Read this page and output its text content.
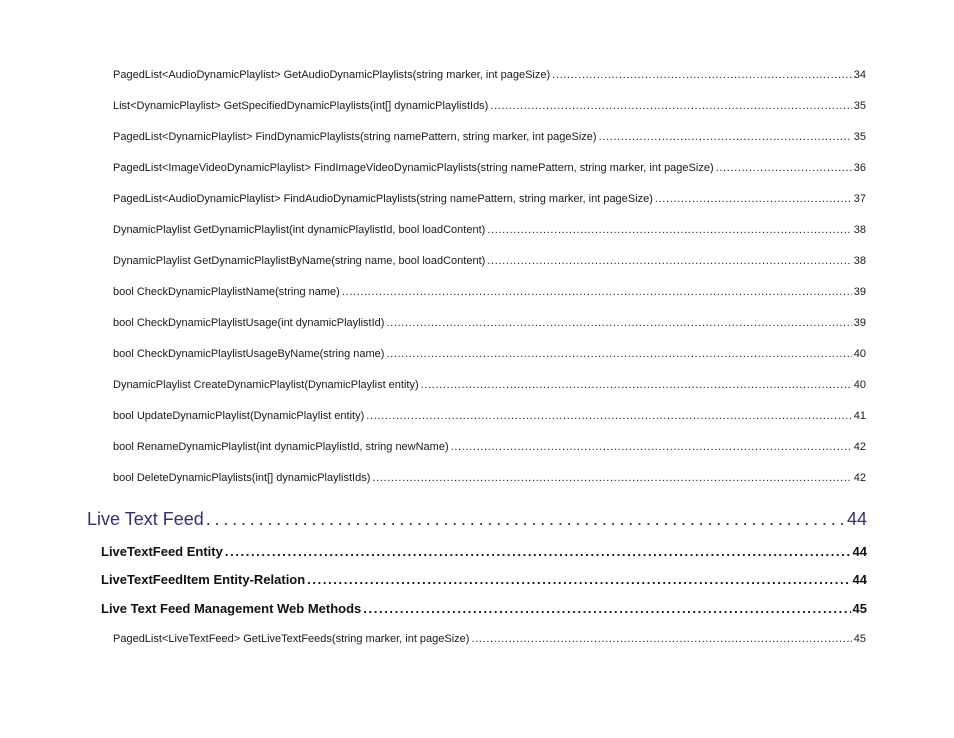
PagedList<AudioDynamicPlaylist> GetAudioDynamicPlaylists(string marker, int pageSize) . . .	34
List<DynamicPlaylist> GetSpecifiedDynamicPlaylists(int[] dynamicPlaylistIds) . . .	35
PagedList<DynamicPlaylist> FindDynamicPlaylists(string namePattern, string marker, int pageSize) . . .	35
PagedList<ImageVideoDynamicPlaylist> FindImageVideoDynamicPlaylists(string namePattern, string marker, int pageSize) . . .	36
PagedList<AudioDynamicPlaylist> FindAudioDynamicPlaylists(string namePattern, string marker, int pageSize) . . .	37
DynamicPlaylist GetDynamicPlaylist(int dynamicPlaylistId, bool loadContent) . . .	38
DynamicPlaylist GetDynamicPlaylistByName(string name, bool loadContent) . . .	38
bool CheckDynamicPlaylistName(string name) . . .	39
bool CheckDynamicPlaylistUsage(int dynamicPlaylistId) . . .	39
bool CheckDynamicPlaylistUsageByName(string name) . . .	40
DynamicPlaylist CreateDynamicPlaylist(DynamicPlaylist entity) . . .	40
bool UpdateDynamicPlaylist(DynamicPlaylist entity) . . .	41
bool RenameDynamicPlaylist(int dynamicPlaylistId, string newName) . . .	42
bool DeleteDynamicPlaylists(int[] dynamicPlaylistIds) . . .	42
Live Text Feed . . .	44
LiveTextFeed Entity . . .	44
LiveTextFeedItem Entity-Relation . . .	44
Live Text Feed Management Web Methods . . .	45
PagedList<LiveTextFeed> GetLiveTextFeeds(string marker, int pageSize) . . .	45
